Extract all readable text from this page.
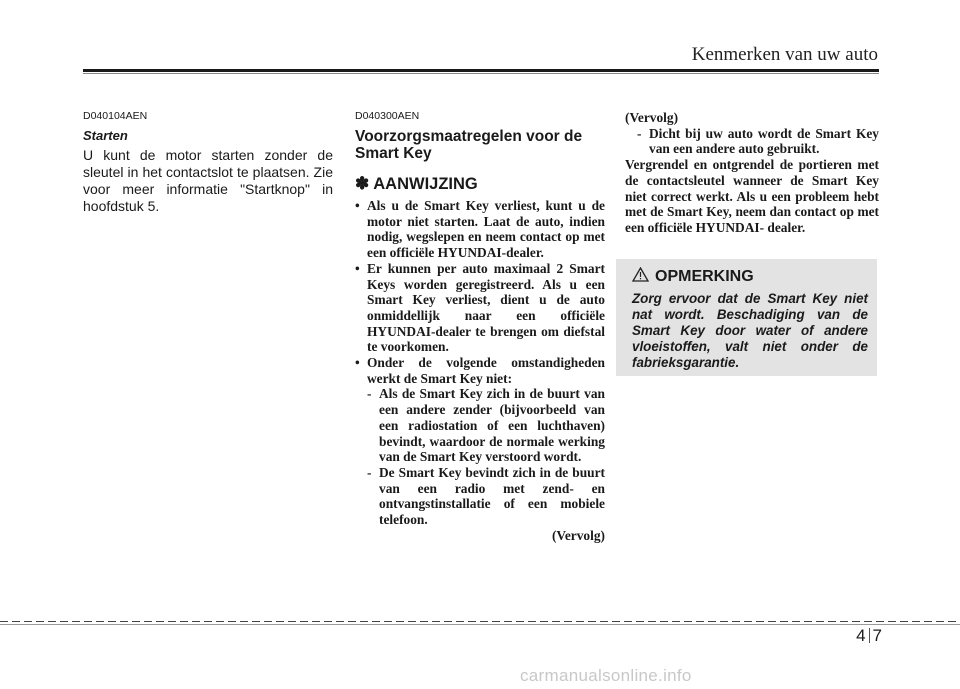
Kenmerken van uw auto
D040104AEN
Starten
U kunt de motor starten zonder de sleutel in het contactslot te plaatsen. Zie voor meer informatie "Startknop" in hoofdstuk 5.
D040300AEN
Voorzorgsmaatregelen voor de Smart Key
✽ AANWIJZING
• Als u de Smart Key verliest, kunt u de motor niet starten. Laat de auto, indien nodig, wegslepen en neem contact op met een officiële HYUNDAI-dealer.
• Er kunnen per auto maximaal 2 Smart Keys worden geregistreerd. Als u een Smart Key verliest, dient u de auto onmiddellijk naar een officiële HYUNDAI-dealer te brengen om diefstal te voorkomen.
• Onder de volgende omstandigheden werkt de Smart Key niet:
- Als de Smart Key zich in de buurt van een andere zender (bijvoorbeeld van een radiostation of een luchthaven) bevindt, waardoor de normale werking van de Smart Key verstoord wordt.
- De Smart Key bevindt zich in de buurt van een radio met zend- en ontvangstinstallatie of een mobiele telefoon.
(Vervolg)
(Vervolg)
- Dicht bij uw auto wordt de Smart Key van een andere auto gebruikt.
Vergrendel en ontgrendel de portieren met de contactsleutel wanneer de Smart Key niet correct werkt. Als u een probleem hebt met de Smart Key, neem dan contact op met een officiële HYUNDAI- dealer.
OPMERKING
Zorg ervoor dat de Smart Key niet nat wordt. Beschadiging van de Smart Key door water of andere vloeistoffen, valt niet onder de fabrieksgarantie.
4 7
carmanualsonline.info
